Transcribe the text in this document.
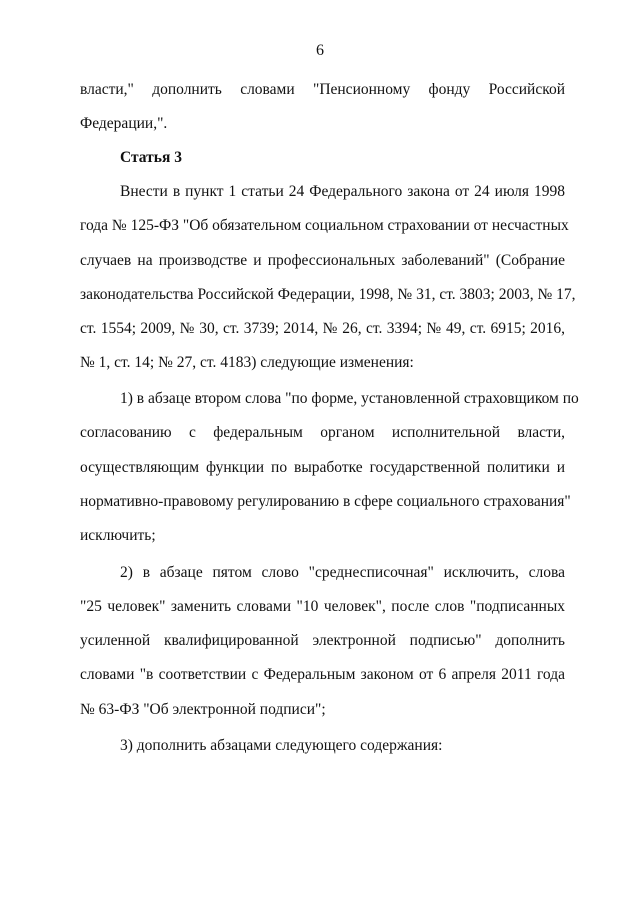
6
власти," дополнить словами "Пенсионному фонду Российской
Федерации,".
Статья 3
Внести в пункт 1 статьи 24 Федерального закона от 24 июля 1998
года № 125-ФЗ "Об обязательном социальном страховании от несчастных
случаев на производстве и профессиональных заболеваний" (Собрание
законодательства Российской Федерации, 1998, № 31, ст. 3803; 2003, № 17,
ст. 1554; 2009, № 30, ст. 3739; 2014, № 26, ст. 3394; № 49, ст. 6915; 2016,
№ 1, ст. 14; № 27, ст. 4183) следующие изменения:
1) в абзаце втором слова "по форме, установленной страховщиком по
согласованию с федеральным органом исполнительной власти,
осуществляющим функции по выработке государственной политики и
нормативно-правовому регулированию в сфере социального страхования"
исключить;
2) в абзаце пятом слово "среднесписочная" исключить, слова
"25 человек" заменить словами "10 человек", после слов "подписанных
усиленной квалифицированной электронной подписью" дополнить
словами "в соответствии с Федеральным законом от 6 апреля 2011 года
№ 63-ФЗ "Об электронной подписи";
3) дополнить абзацами следующего содержания:
